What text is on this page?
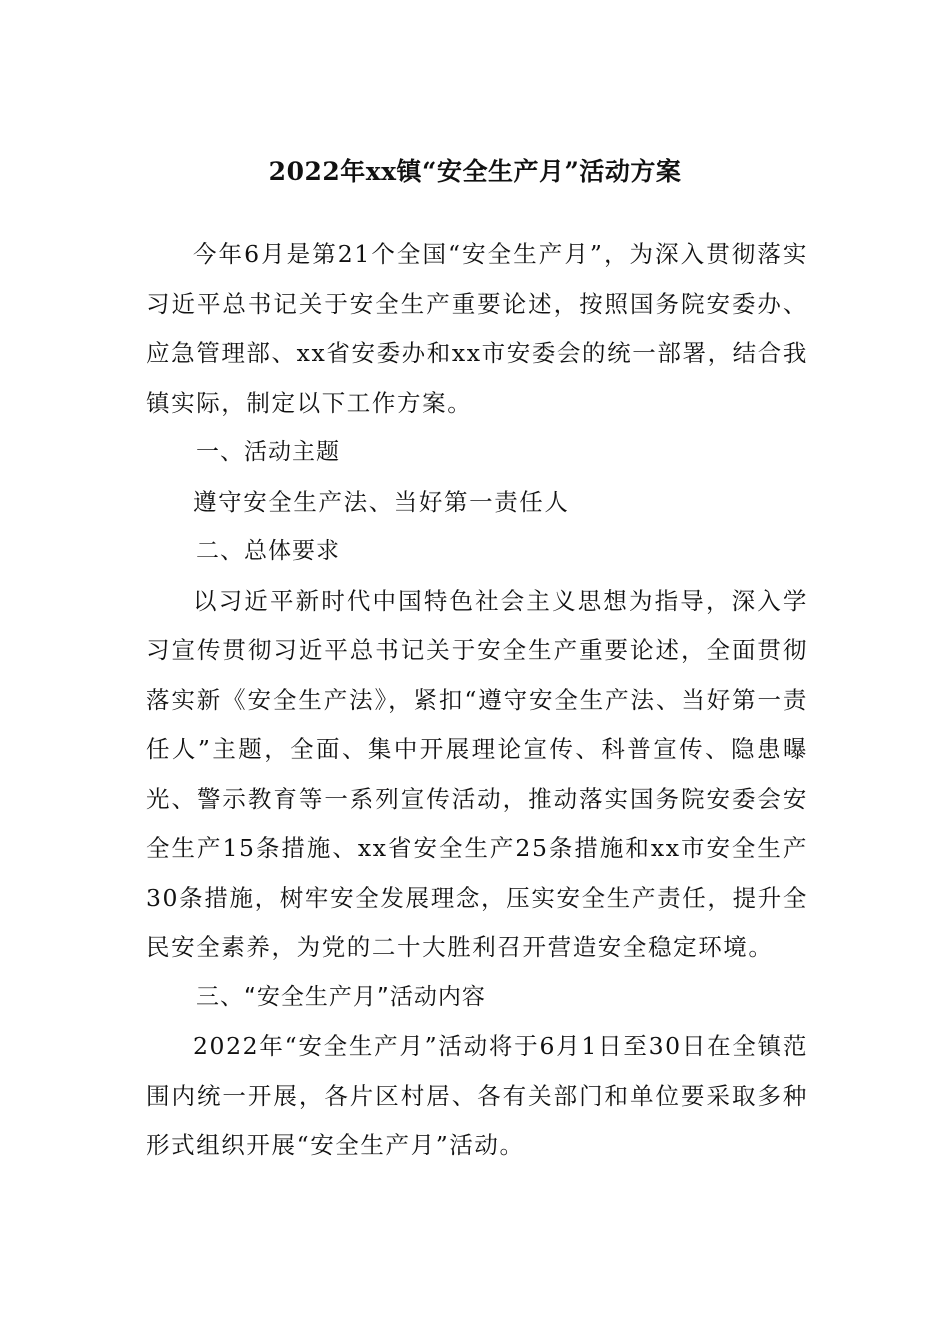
2022年xx镇“安全生产月”活动方案

今年6月是第21个全国“安全生产月”，为深入贯彻落实习近平总书记关于安全生产重要论述，按照国务院安委办、应急管理部、xx省安委办和xx市安委会的统一部署，结合我镇实际，制定以下工作方案。

一、活动主题

遵守安全生产法、当好第一责任人

二、总体要求

以习近平新时代中国特色社会主义思想为指导，深入学习宣传贯彻习近平总书记关于安全生产重要论述，全面贯彻落实新《安全生产法》，紧扣“遵守安全生产法、当好第一责任人”主题，全面、集中开展理论宣传、科普宣传、隐患曝光、警示教育等一系列宣传活动，推动落实国务院安委会安全生产15条措施、xx省安全生产25条措施和xx市安全生产30条措施，树牢安全发展理念，压实安全生产责任，提升全民安全素养，为党的二十大胜利召开营造安全稳定环境。

三、“安全生产月”活动内容

2022年“安全生产月”活动将于6月1日至30日在全镇范围内统一开展，各片区村居、各有关部门和单位要采取多种形式组织开展“安全生产月”活动。
